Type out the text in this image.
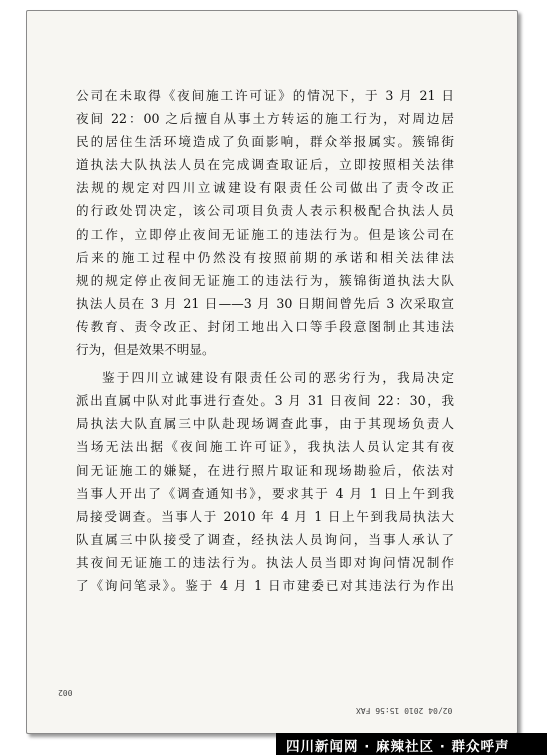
公司在未取得《夜间施工许可证》的情况下，于 3 月 21 日
夜间 22：00 之后擅自从事土方转运的施工行为，对周边居
民的居住生活环境造成了负面影响，群众举报属实。簇锦街
道执法大队执法人员在完成调查取证后，立即按照相关法律
法规的规定对四川立诚建设有限责任公司做出了责令改正
的行政处罚决定，该公司项目负责人表示积极配合执法人员
的工作，立即停止夜间无证施工的违法行为。但是该公司在
后来的施工过程中仍然没有按照前期的承诺和相关法律法
规的规定停止夜间无证施工的违法行为，簇锦街道执法大队
执法人员在 3 月 21 日——3 月 30 日期间曾先后 3 次采取宣
传教育、责令改正、封闭工地出入口等手段意图制止其违法
行为，但是效果不明显。
鉴于四川立诚建设有限责任公司的恶劣行为，我局决定
派出直属中队对此事进行查处。3 月 31 日夜间 22：30，我
局执法大队直属三中队赴现场调查此事，由于其现场负责人
当场无法出据《夜间施工许可证》，我执法人员认定其有夜
间无证施工的嫌疑，在进行照片取证和现场勘验后，依法对
当事人开出了《调查通知书》，要求其于 4 月 1 日上午到我
局接受调查。当事人于 2010 年 4 月 1 日上午到我局执法大
队直属三中队接受了调查，经执法人员询问，当事人承认了
其夜间无证施工的违法行为。执法人员当即对询问情况制作
了《询问笔录》。鉴于 4 月 1 日市建委已对其违法行为作出
002
02/04 2010 15:56 FAX
四川新闻网 · 麻辣社区 · 群众呼声
